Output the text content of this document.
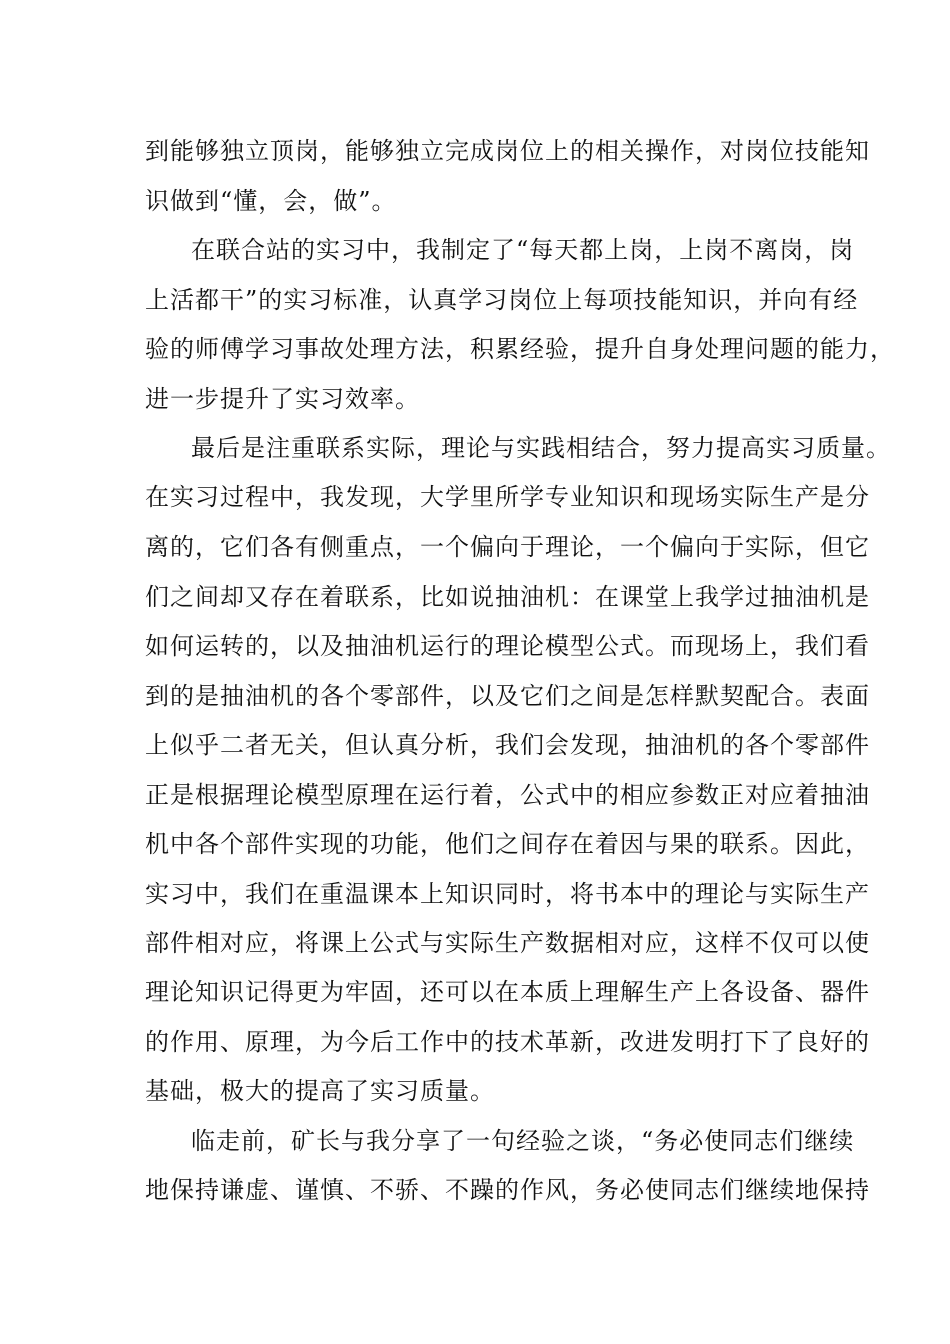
到能够独立顶岗，能够独立完成岗位上的相关操作，对岗位技能知
识做到“懂，会，做”。
在联合站的实习中，我制定了“每天都上岗，上岗不离岗，岗
上活都干”的实习标准，认真学习岗位上每项技能知识，并向有经
验的师傅学习事故处理方法，积累经验，提升自身处理问题的能力，
进一步提升了实习效率。
最后是注重联系实际，理论与实践相结合，努力提高实习质量。
在实习过程中，我发现，大学里所学专业知识和现场实际生产是分
离的，它们各有侧重点，一个偏向于理论，一个偏向于实际，但它
们之间却又存在着联系，比如说抽油机：在课堂上我学过抽油机是
如何运转的，以及抽油机运行的理论模型公式。而现场上，我们看
到的是抽油机的各个零部件，以及它们之间是怎样默契配合。表面
上似乎二者无关，但认真分析，我们会发现，抽油机的各个零部件
正是根据理论模型原理在运行着，公式中的相应参数正对应着抽油
机中各个部件实现的功能，他们之间存在着因与果的联系。因此，
实习中，我们在重温课本上知识同时，将书本中的理论与实际生产
部件相对应，将课上公式与实际生产数据相对应，这样不仅可以使
理论知识记得更为牢固，还可以在本质上理解生产上各设备、器件
的作用、原理，为今后工作中的技术革新，改进发明打下了良好的
基础，极大的提高了实习质量。
临走前，矿长与我分享了一句经验之谈，“务必使同志们继续
地保持谦虚、谨慎、不骄、不躁的作风，务必使同志们继续地保持
